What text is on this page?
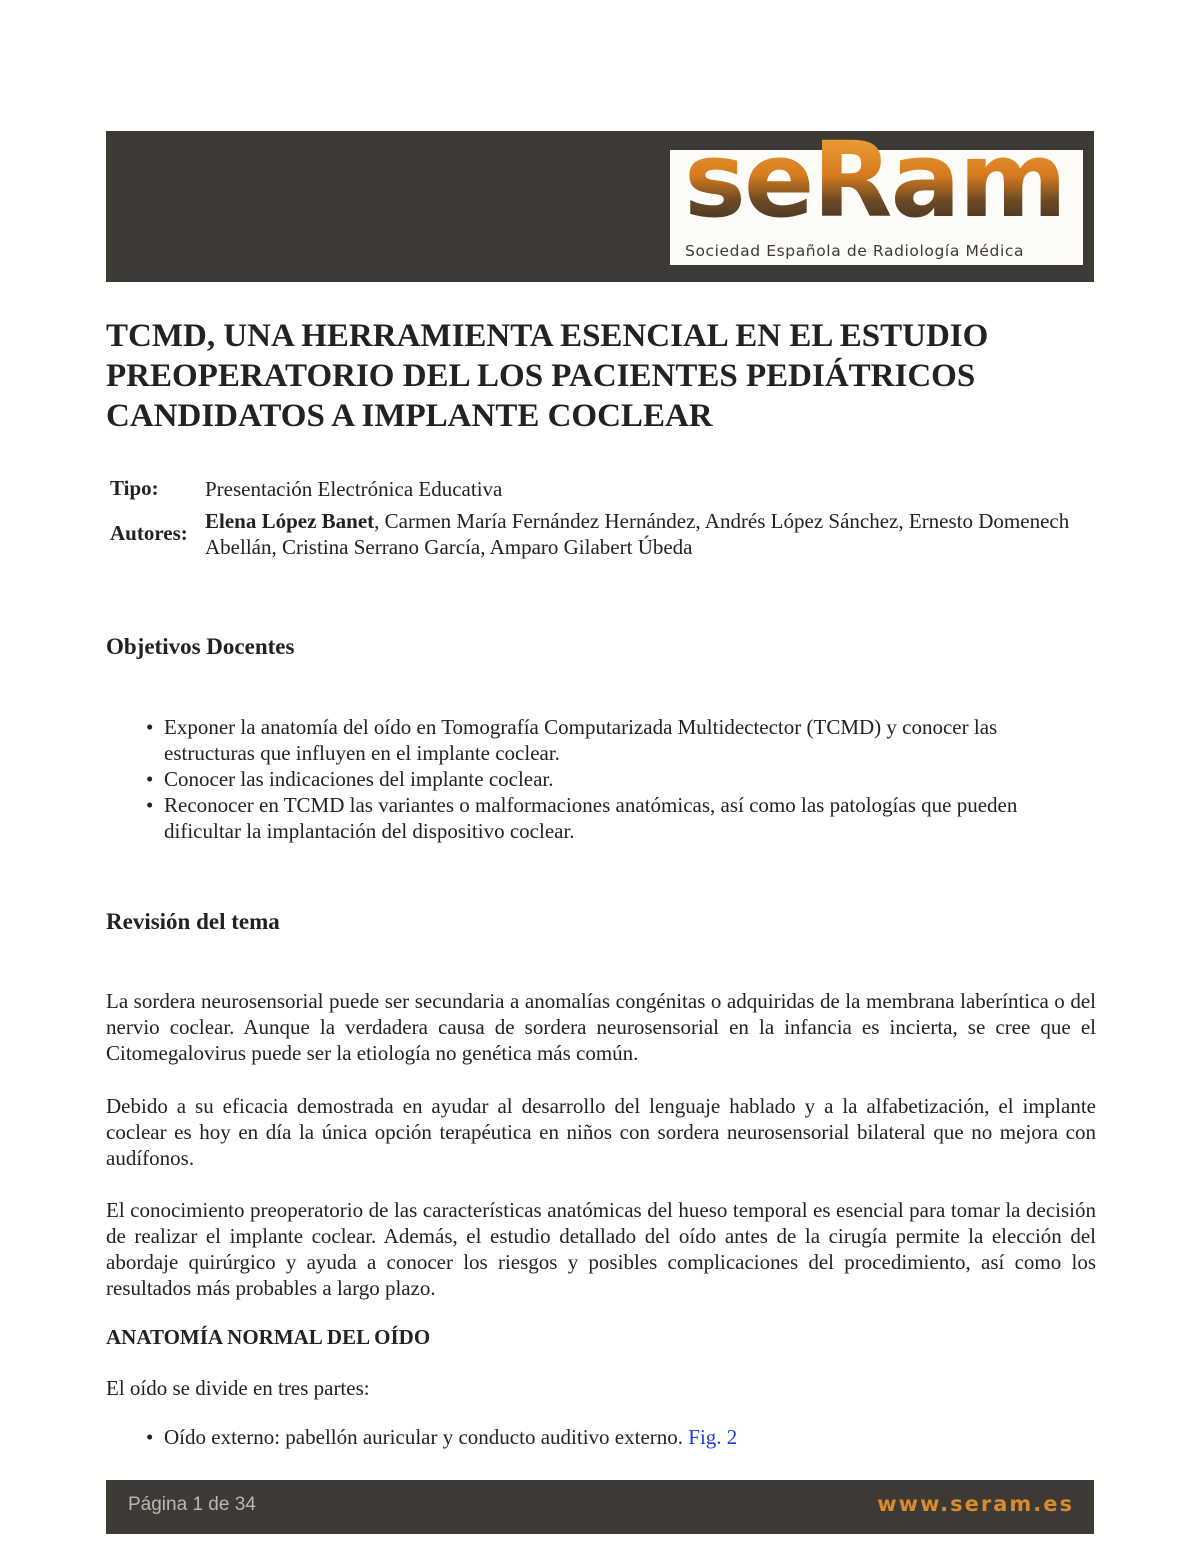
seRam
Sociedad Española de Radiología Médica
TCMD, UNA HERRAMIENTA ESENCIAL EN EL ESTUDIO PREOPERATORIO DEL LOS PACIENTES PEDIÁTRICOS CANDIDATOS A IMPLANTE COCLEAR
Tipo: Presentación Electrónica Educativa
Autores: Elena López Banet, Carmen María Fernández Hernández, Andrés López Sánchez, Ernesto Domenech Abellán, Cristina Serrano García, Amparo Gilabert Úbeda
Objetivos Docentes
• Exponer la anatomía del oído en Tomografía Computarizada Multidectector (TCMD) y conocer las estructuras que influyen en el implante coclear.
• Conocer las indicaciones del implante coclear.
• Reconocer en TCMD las variantes o malformaciones anatómicas, así como las patologías que pueden dificultar la implantación del dispositivo coclear.
Revisión del tema

La sordera neurosensorial puede ser secundaria a anomalías congénitas o adquiridas de la membrana laberíntica o del nervio coclear. Aunque la verdadera causa de sordera neurosensorial en la infancia es incierta, se cree que el Citomegalovirus puede ser la etiología no genética más común.

Debido a su eficacia demostrada en ayudar al desarrollo del lenguaje hablado y a la alfabetización, el implante coclear es hoy en día la única opción terapéutica en niños con sordera neurosensorial bilateral que no mejora con audífonos.

El conocimiento preoperatorio de las características anatómicas del hueso temporal es esencial para tomar la decisión de realizar el implante coclear. Además, el estudio detallado del oído antes de la cirugía permite la elección del abordaje quirúrgico y ayuda a conocer los riesgos y posibles complicaciones del procedimiento, así como los resultados más probables a largo plazo.

ANATOMÍA NORMAL DEL OÍDO

El oído se divide en tres partes:

• Oído externo: pabellón auricular y conducto auditivo externo. Fig. 2
Página 1 de 34	www.seram.es
